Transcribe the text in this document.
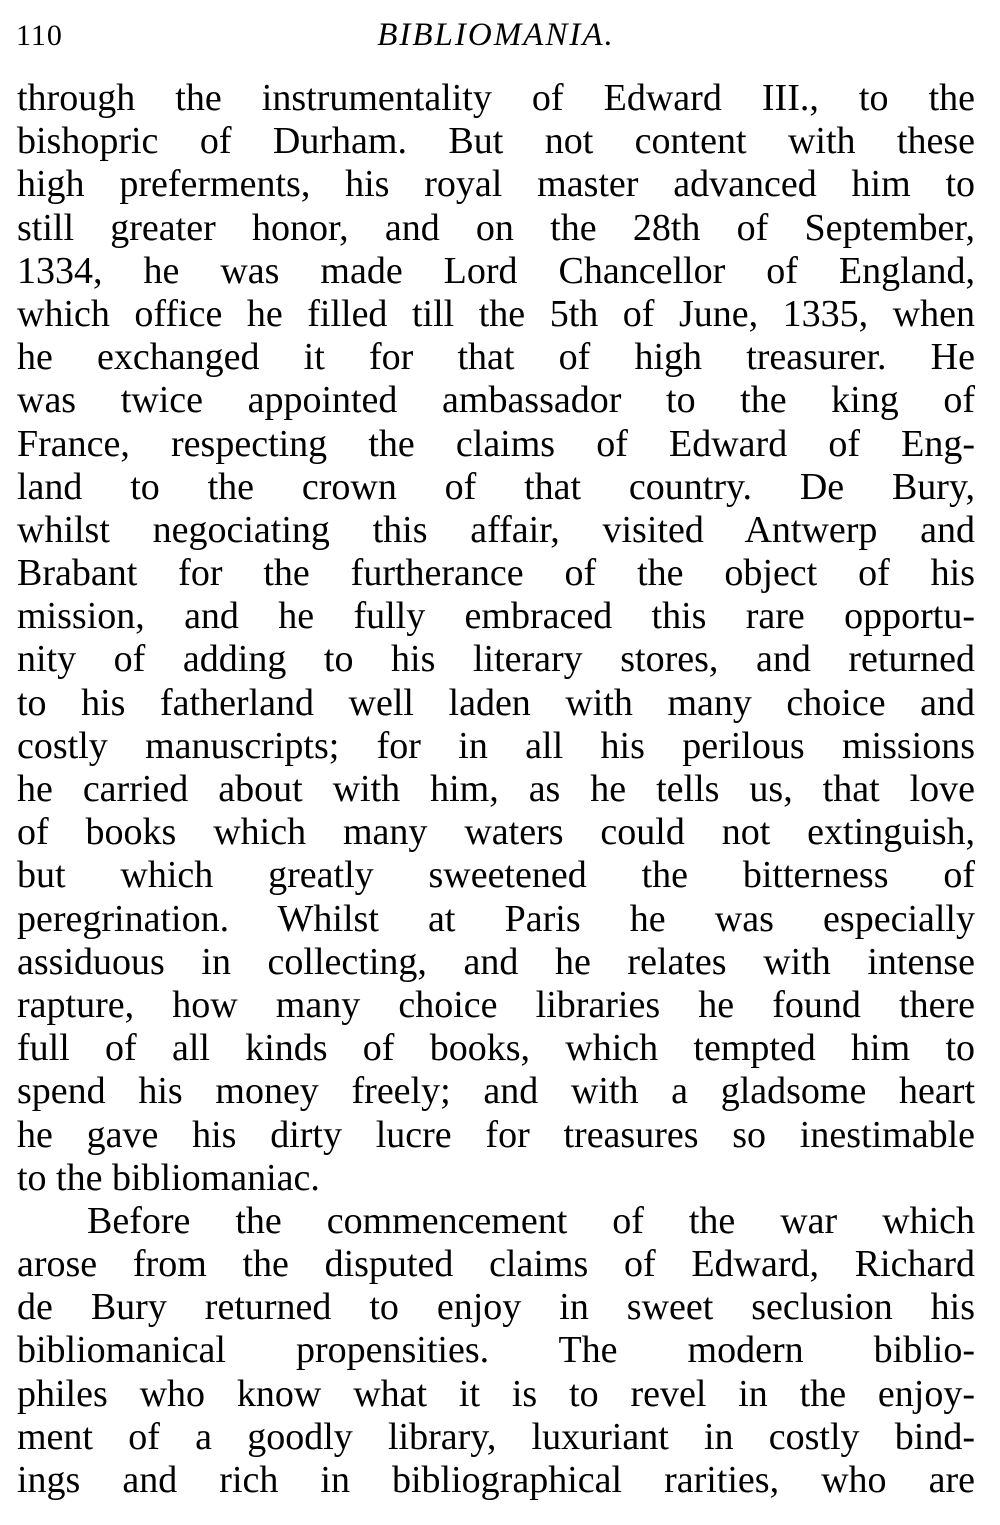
110	BIBLIOMANIA.
through the instrumentality of Edward III., to the
bishopric of Durham. But not content with these
high preferments, his royal master advanced him to
still greater honor, and on the 28th of September,
1334, he was made Lord Chancellor of England,
which office he filled till the 5th of June, 1335, when
he exchanged it for that of high treasurer. He
was twice appointed ambassador to the king of
France, respecting the claims of Edward of Eng-
land to the crown of that country. De Bury,
whilst negociating this affair, visited Antwerp and
Brabant for the furtherance of the object of his
mission, and he fully embraced this rare opportu-
nity of adding to his literary stores, and returned
to his fatherland well laden with many choice and
costly manuscripts; for in all his perilous missions
he carried about with him, as he tells us, that love
of books which many waters could not extinguish,
but which greatly sweetened the bitterness of
peregrination. Whilst at Paris he was especially
assiduous in collecting, and he relates with intense
rapture, how many choice libraries he found there
full of all kinds of books, which tempted him to
spend his money freely; and with a gladsome heart
he gave his dirty lucre for treasures so inestimable
to the bibliomaniac.
Before the commencement of the war which
arose from the disputed claims of Edward, Richard
de Bury returned to enjoy in sweet seclusion his
bibliomanical propensities. The modern biblio-
philes who know what it is to revel in the enjoy-
ment of a goodly library, luxuriant in costly bind-
ings and rich in bibliographical rarities, who are
